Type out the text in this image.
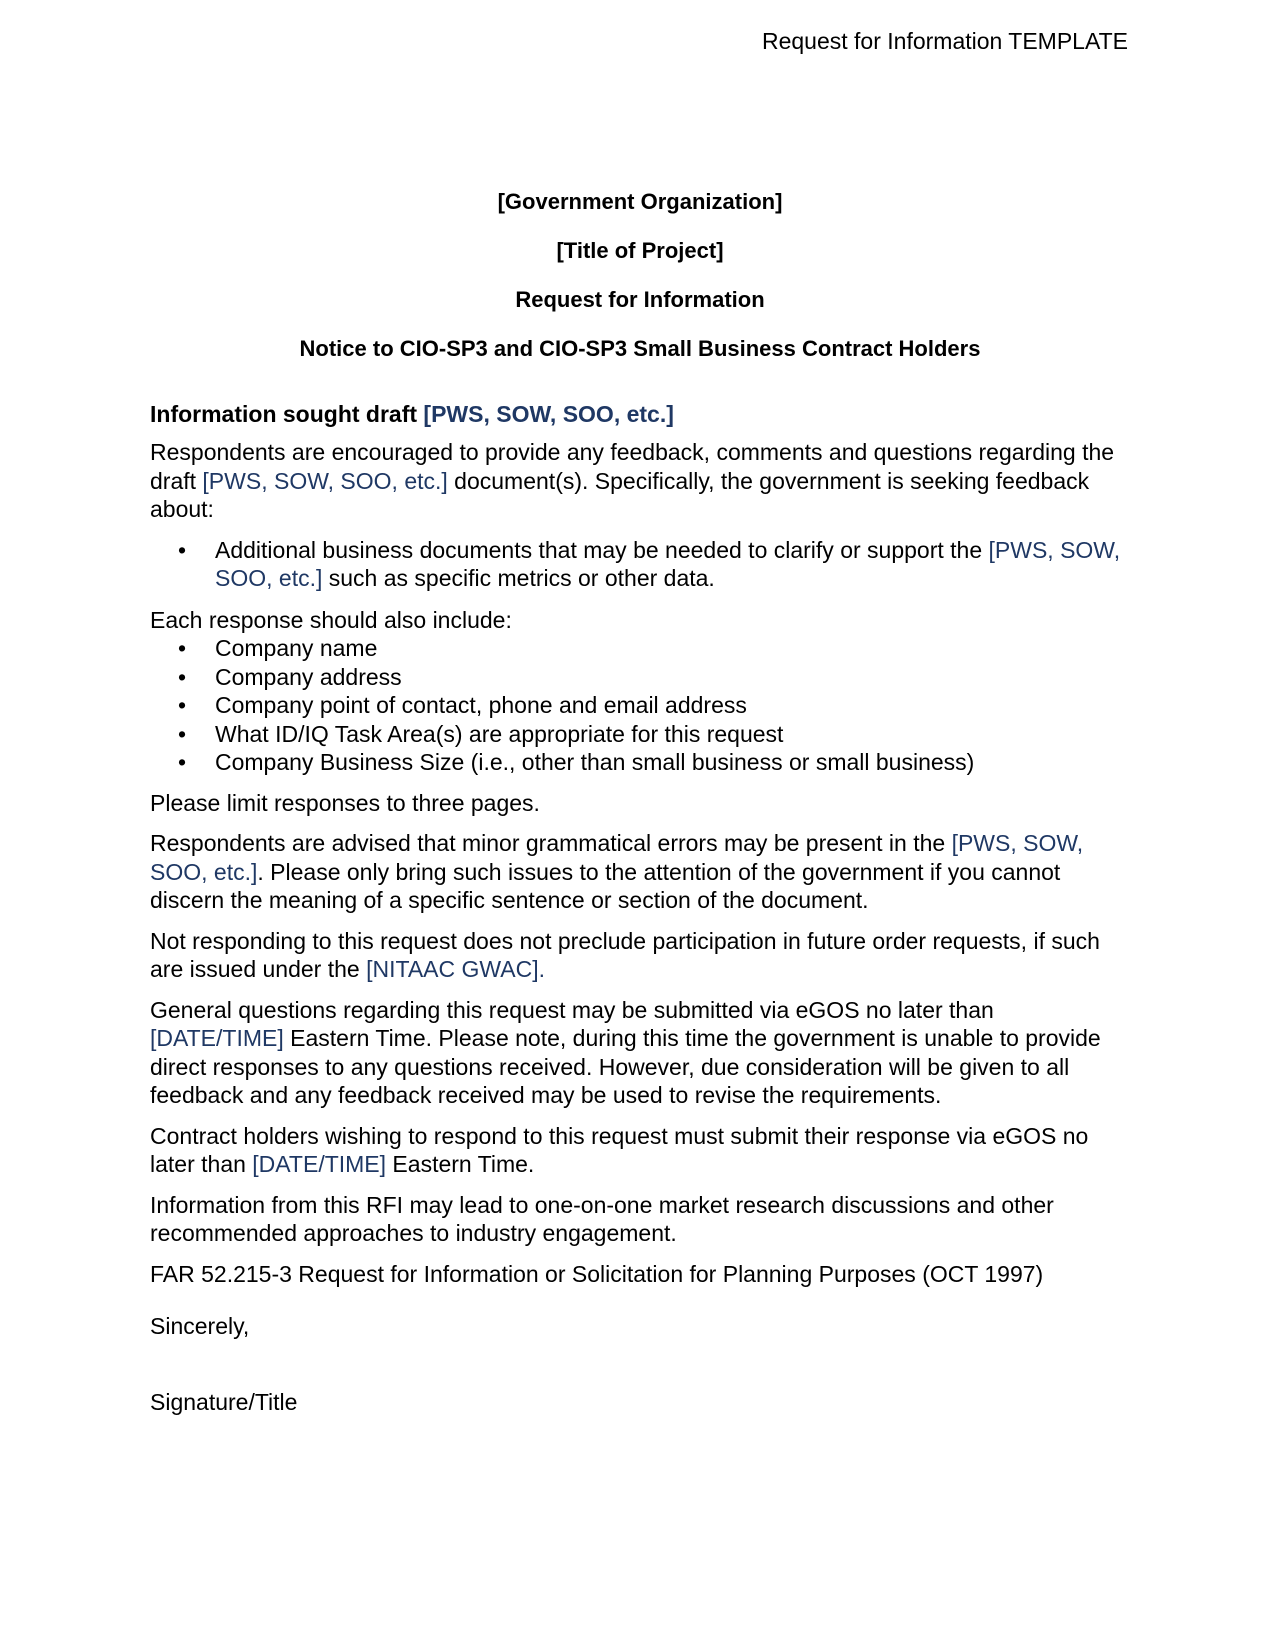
Request for Information TEMPLATE
[Government Organization]
[Title of Project]
Request for Information
Notice to CIO-SP3 and CIO-SP3 Small Business Contract Holders
Information sought draft [PWS, SOW, SOO, etc.]

Respondents are encouraged to provide any feedback, comments and questions regarding the draft [PWS, SOW, SOO, etc.] document(s). Specifically, the government is seeking feedback about:

• Additional business documents that may be needed to clarify or support the [PWS, SOW, SOO, etc.] such as specific metrics or other data.

Each response should also include:

• Company name
• Company address
• Company point of contact, phone and email address
• What ID/IQ Task Area(s) are appropriate for this request
• Company Business Size (i.e., other than small business or small business)

Please limit responses to three pages.

Respondents are advised that minor grammatical errors may be present in the [PWS, SOW, SOO, etc.]. Please only bring such issues to the attention of the government if you cannot discern the meaning of a specific sentence or section of the document.

Not responding to this request does not preclude participation in future order requests, if such are issued under the [NITAAC GWAC].

General questions regarding this request may be submitted via eGOS no later than [DATE/TIME] Eastern Time. Please note, during this time the government is unable to provide direct responses to any questions received. However, due consideration will be given to all feedback and any feedback received may be used to revise the requirements.

Contract holders wishing to respond to this request must submit their response via eGOS no later than [DATE/TIME] Eastern Time.

Information from this RFI may lead to one-on-one market research discussions and other recommended approaches to industry engagement.

FAR 52.215-3 Request for Information or Solicitation for Planning Purposes (OCT 1997)

Sincerely,
Signature/Title
